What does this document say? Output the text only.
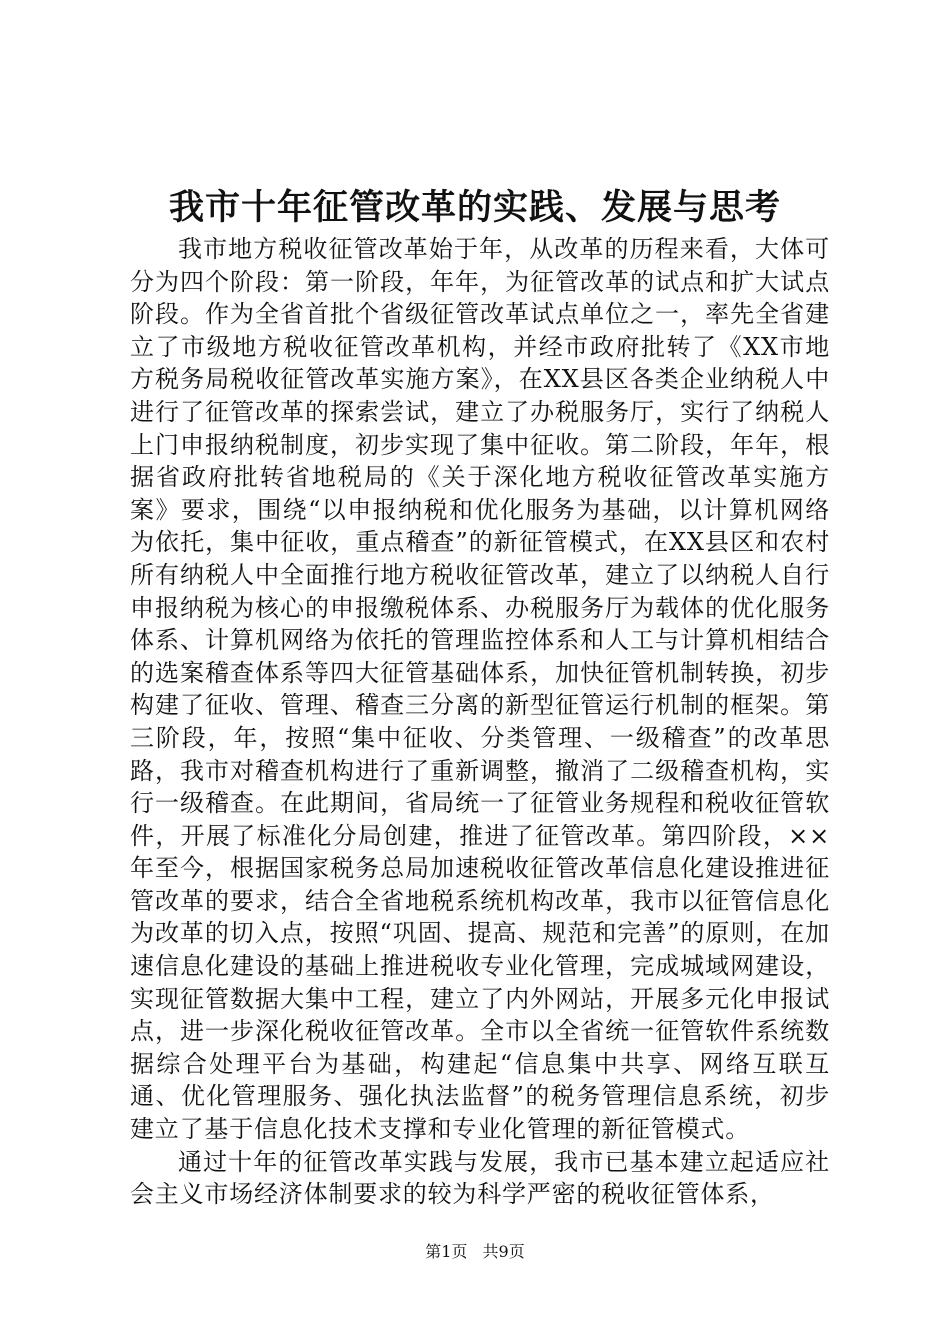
我市十年征管改革的实践、发展与思考

我市地方税收征管改革始于年，从改革的历程来看，大体可分为四个阶段：第一阶段，年年，为征管改革的试点和扩大试点阶段。作为全省首批个省级征管改革试点单位之一，率先全省建立了市级地方税收征管改革机构，并经市政府批转了《XX市地方税务局税收征管改革实施方案》，在XX县区各类企业纳税人中进行了征管改革的探索尝试，建立了办税服务厅，实行了纳税人上门申报纳税制度，初步实现了集中征收。第二阶段，年年，根据省政府批转省地税局的《关于深化地方税收征管改革实施方案》要求，围绕“以申报纳税和优化服务为基础，以计算机网络为依托，集中征收，重点稽查”的新征管模式，在XX县区和农村所有纳税人中全面推行地方税收征管改革，建立了以纳税人自行申报纳税为核心的申报缴税体系、办税服务厅为载体的优化服务体系、计算机网络为依托的管理监控体系和人工与计算机相结合的选案稽查体系等四大征管基础体系，加快征管机制转换，初步构建了征收、管理、稽查三分离的新型征管运行机制的框架。第三阶段，年，按照“集中征收、分类管理、一级稽查”的改革思路，我市对稽查机构进行了重新调整，撤消了二级稽查机构，实行一级稽查。在此期间，省局统一了征管业务规程和税收征管软件，开展了标准化分局创建，推进了征管改革。第四阶段，××年至今，根据国家税务总局加速税收征管改革信息化建设推进征管改革的要求，结合全省地税系统机构改革，我市以征管信息化为改革的切入点，按照“巩固、提高、规范和完善”的原则，在加速信息化建设的基础上推进税收专业化管理，完成城域网建设，实现征管数据大集中工程，建立了内外网站，开展多元化申报试点，进一步深化税收征管改革。全市以全省统一征管软件系统数据综合处理平台为基础，构建起“信息集中共享、网络互联互通、优化管理服务、强化执法监督”的税务管理信息系统，初步建立了基于信息化技术支撑和专业化管理的新征管模式。

通过十年的征管改革实践与发展，我市已基本建立起适应社会主义市场经济体制要求的较为科学严密的税收征管体系，

第1页 共9页
